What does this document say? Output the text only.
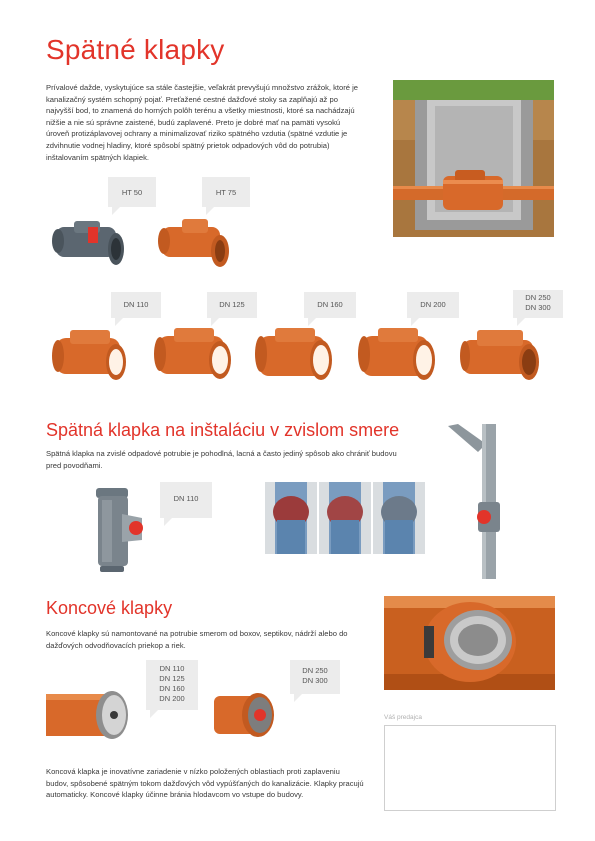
Spätné klapky

Prívalové dažde, vyskytujúce sa stále častejšie, veľakrát prevyšujú množstvo zrážok, ktoré je kanalizačný systém schopný pojať. Preťažené cestné dažďové stoky sa zaplňajú až po najvyšší bod, to znamená do horných polôh terénu a všetky miestnosti, ktoré sa nachádzajú nižšie a nie sú správne zaistené, budú zaplavené. Preto je dobré mať na pamäti vysokú úroveň protizáplavovej ochrany a minimalizovať riziko spätného vzdutia (spätné vzdutie je zdvihnutie vodnej hladiny, ktoré spôsobí spätný prietok odpadových vôd do potrubia) inštalovaním spätných klapiek.

HT 50	HT 75
DN 110	DN 125	DN 160	DN 200
DN 250
DN 300
Spätná klapka na inštaláciu v zvislom smere

Spätná klapka na zvislé odpadové potrubie je pohodlná, lacná a často jediný spôsob ako chrániť budovu pred povodňami.

DN 110
Koncové klapky

Koncové klapky sú namontované na potrubie smerom od boxov, septikov, nádrží alebo do dažďových odvodňovacích priekop a riek.

DN 110
DN 125
DN 160
DN 200
DN 250
DN 300

Koncová klapka je inovatívne zariadenie v nízko položených oblastiach proti zaplaveniu budov, spôsobené spätným tokom dažďových vôd vypúšťaných do kanalizácie. Klapky pracujú automaticky. Koncové klapky účinne bránia hlodavcom vo vstupe do budovy.

Váš predajca
